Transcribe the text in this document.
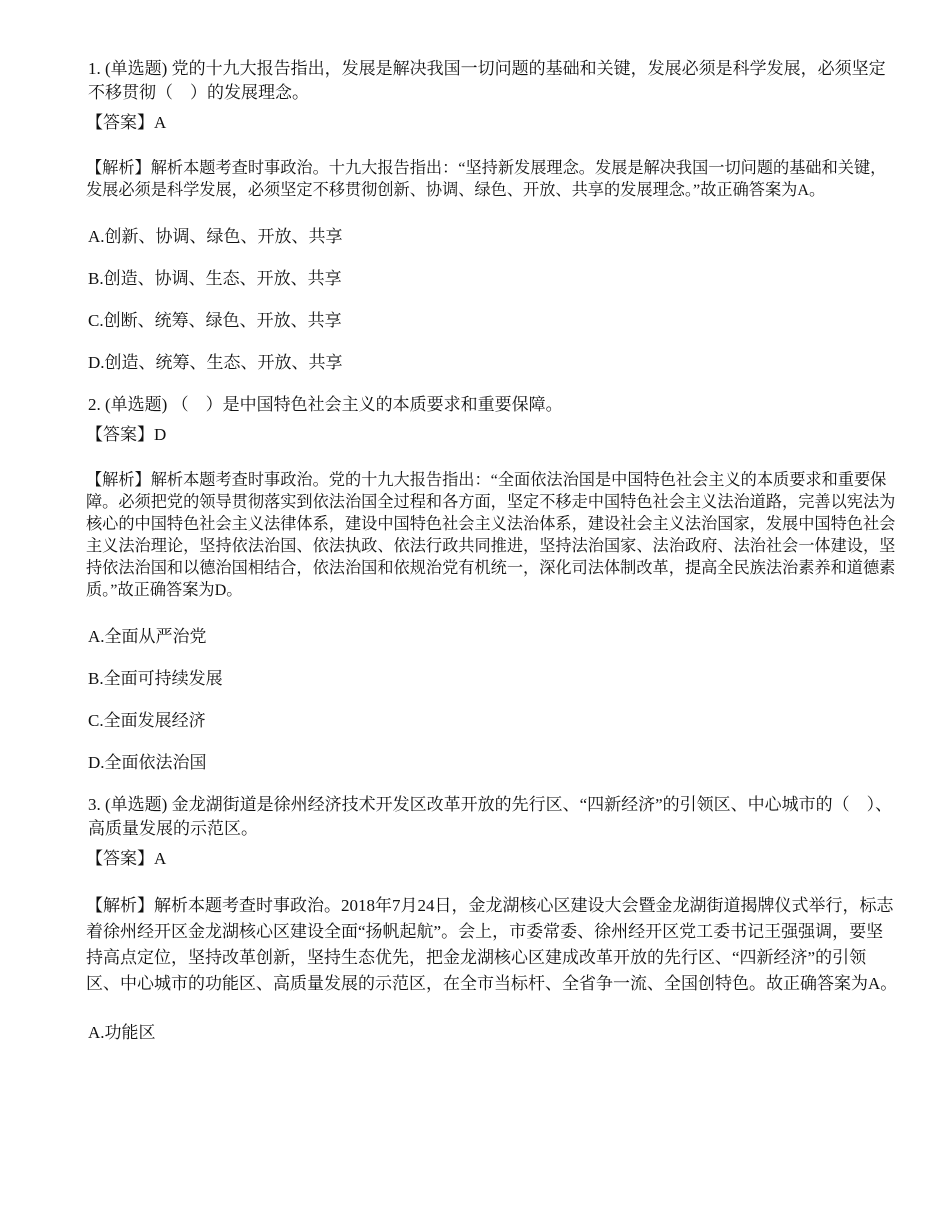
1. (单选题) 党的十九大报告指出，发展是解决我国一切问题的基础和关键，发展必须是科学发展，必须坚定不移贯彻（　）的发展理念。

【答案】A

【解析】解析本题考查时事政治。十九大报告指出：“坚持新发展理念。发展是解决我国一切问题的基础和关键，发展必须是科学发展，必须坚定不移贯彻创新、协调、绿色、开放、共享的发展理念。”故正确答案为A。

A.创新、协调、绿色、开放、共享
B.创造、协调、生态、开放、共享
C.创断、统筹、绿色、开放、共享
D.创造、统筹、生态、开放、共享

2. (单选题) （　）是中国特色社会主义的本质要求和重要保障。

【答案】D

【解析】解析本题考查时事政治。党的十九大报告指出：“全面依法治国是中国特色社会主义的本质要求和重要保障。必须把党的领导贯彻落实到依法治国全过程和各方面，坚定不移走中国特色社会主义法治道路，完善以宪法为核心的中国特色社会主义法律体系，建设中国特色社会主义法治体系，建设社会主义法治国家，发展中国特色社会主义法治理论，坚持依法治国、依法执政、依法行政共同推进，坚持法治国家、法治政府、法治社会一体建设，坚持依法治国和以德治国相结合，依法治国和依规治党有机统一，深化司法体制改革，提高全民族法治素养和道德素质。”故正确答案为D。

A.全面从严治党
B.全面可持续发展
C.全面发展经济
D.全面依法治国

3. (单选题) 金龙湖街道是徐州经济技术开发区改革开放的先行区、“四新经济”的引领区、中心城市的（　）、高质量发展的示范区。

【答案】A

【解析】解析本题考查时事政治。2018年7月24日，金龙湖核心区建设大会暨金龙湖街道揭牌仪式举行，标志着徐州经开区金龙湖核心区建设全面“扬帆起航”。会上，市委常委、徐州经开区党工委书记王强强调，要坚持高点定位，坚持改革创新，坚持生态优先，把金龙湖核心区建成改革开放的先行区、“四新经济”的引领区、中心城市的功能区、高质量发展的示范区，在全市当标杆、全省争一流、全国创特色。故正确答案为A。

A.功能区
